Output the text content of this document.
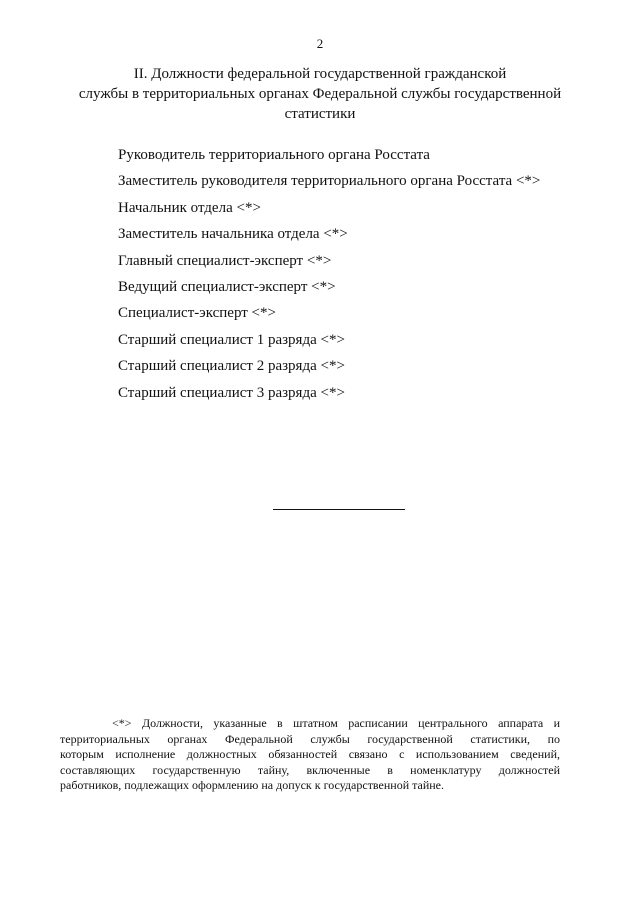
2
II. Должности федеральной государственной гражданской
службы в территориальных органах Федеральной службы государственной
статистики
Руководитель территориального органа Росстата
Заместитель руководителя территориального органа Росстата <*>
Начальник отдела <*>
Заместитель начальника отдела <*>
Главный специалист-эксперт <*>
Ведущий специалист-эксперт <*>
Специалист-эксперт <*>
Старший специалист 1 разряда <*>
Старший специалист 2 разряда <*>
Старший специалист 3 разряда <*>
<*> Должности, указанные в штатном расписании центрального аппарата и
территориальных органах Федеральной службы государственной статистики, по
которым исполнение должностных обязанностей связано с использованием сведений,
составляющих государственную тайну, включенные в номенклатуру должностей
работников, подлежащих оформлению на допуск к государственной тайне.
